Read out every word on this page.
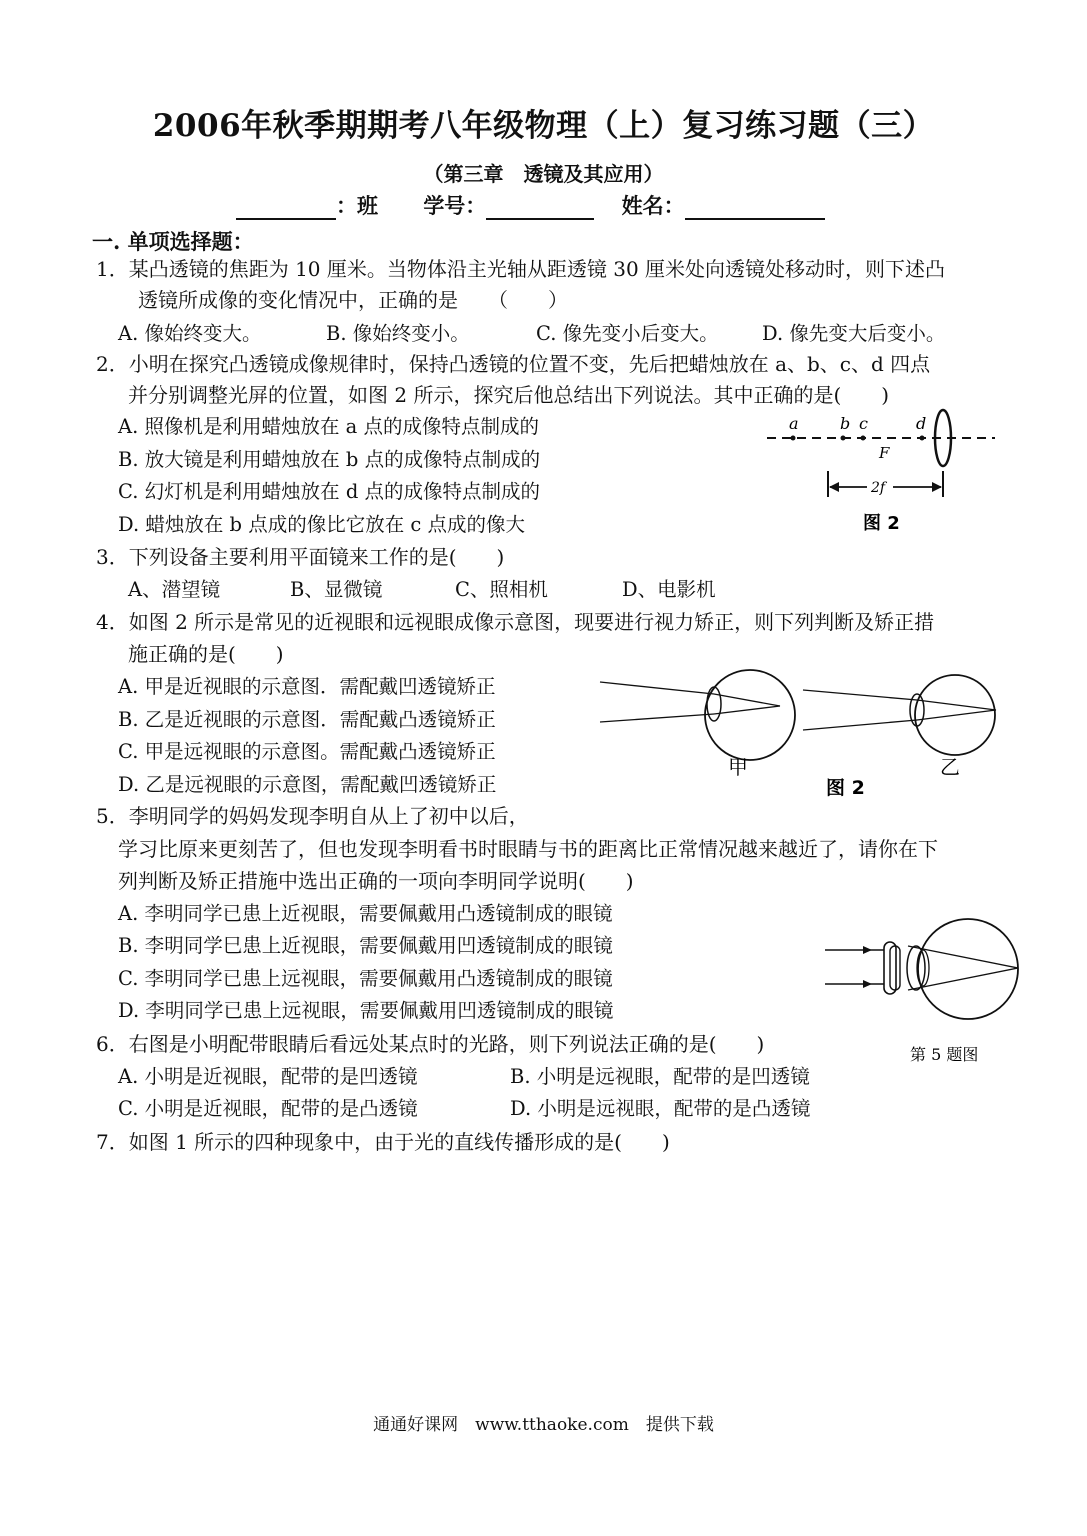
2006年秋季期期考八年级物理（上）复习练习题（三）
（第三章　透镜及其应用）
：班 学号：	姓名：
一. 单项选择题：
1．某凸透镜的焦距为 10 厘米。当物体沿主光轴从距透镜 30 厘米处向透镜处移动时，则下述凸
透镜所成像的变化情况中，正确的是　　（　　）
A. 像始终变大。	B. 像始终变小。	C. 像先变小后变大。 D. 像先变大后变小。
2．小明在探究凸透镜成像规律时，保持凸透镜的位置不变，先后把蜡烛放在 a、b、c、d 四点
并分别调整光屏的位置，如图 2 所示，探究后他总结出下列说法。其中正确的是(　　)
A. 照像机是利用蜡烛放在 a 点的成像特点制成的
B. 放大镜是利用蜡烛放在 b 点的成像特点制成的
C. 幻灯机是利用蜡烛放在 d 点的成像特点制成的
D. 蜡烛放在 b 点成的像比它放在 c 点成的像大
a	b c	d
F
2f
图 2
3．下列设备主要利用平面镜来工作的是(　　)
A、潜望镜	B、显微镜	C、照相机	D、电影机
4．如图 2 所示是常见的近视眼和远视眼成像示意图，现要进行视力矫正，则下列判断及矫正措
施正确的是(　　)
A. 甲是近视眼的示意图．需配戴凹透镜矫正
B. 乙是近视眼的示意图．需配戴凸透镜矫正
C. 甲是远视眼的示意图。需配戴凸透镜矫正
D. 乙是远视眼的示意图，需配戴凹透镜矫正
甲	乙
图 2
5．李明同学的妈妈发现李明自从上了初中以后，
学习比原来更刻苦了，但也发现李明看书时眼睛与书的距离比正常情况越来越近了，请你在下
列判断及矫正措施中选出正确的一项向李明同学说明(　　)
A. 李明同学已患上近视眼，需要佩戴用凸透镜制成的眼镜
B. 李明同学巳患上近视眼，需要佩戴用凹透镜制成的眼镜
C. 李明同学已患上远视眼，需要佩戴用凸透镜制成的眼镜
D. 李明同学已患上远视眼，需要佩戴用凹透镜制成的眼镜
第 5 题图
6．右图是小明配带眼睛后看远处某点时的光路，则下列说法正确的是(　　)
A. 小明是近视眼，配带的是凹透镜	B. 小明是远视眼，配带的是凹透镜
C. 小明是近视眼，配带的是凸透镜	D. 小明是远视眼，配带的是凸透镜
7．如图 1 所示的四种现象中，由于光的直线传播形成的是(　　)
通通好课网　www.tthaoke.com　提供下载
